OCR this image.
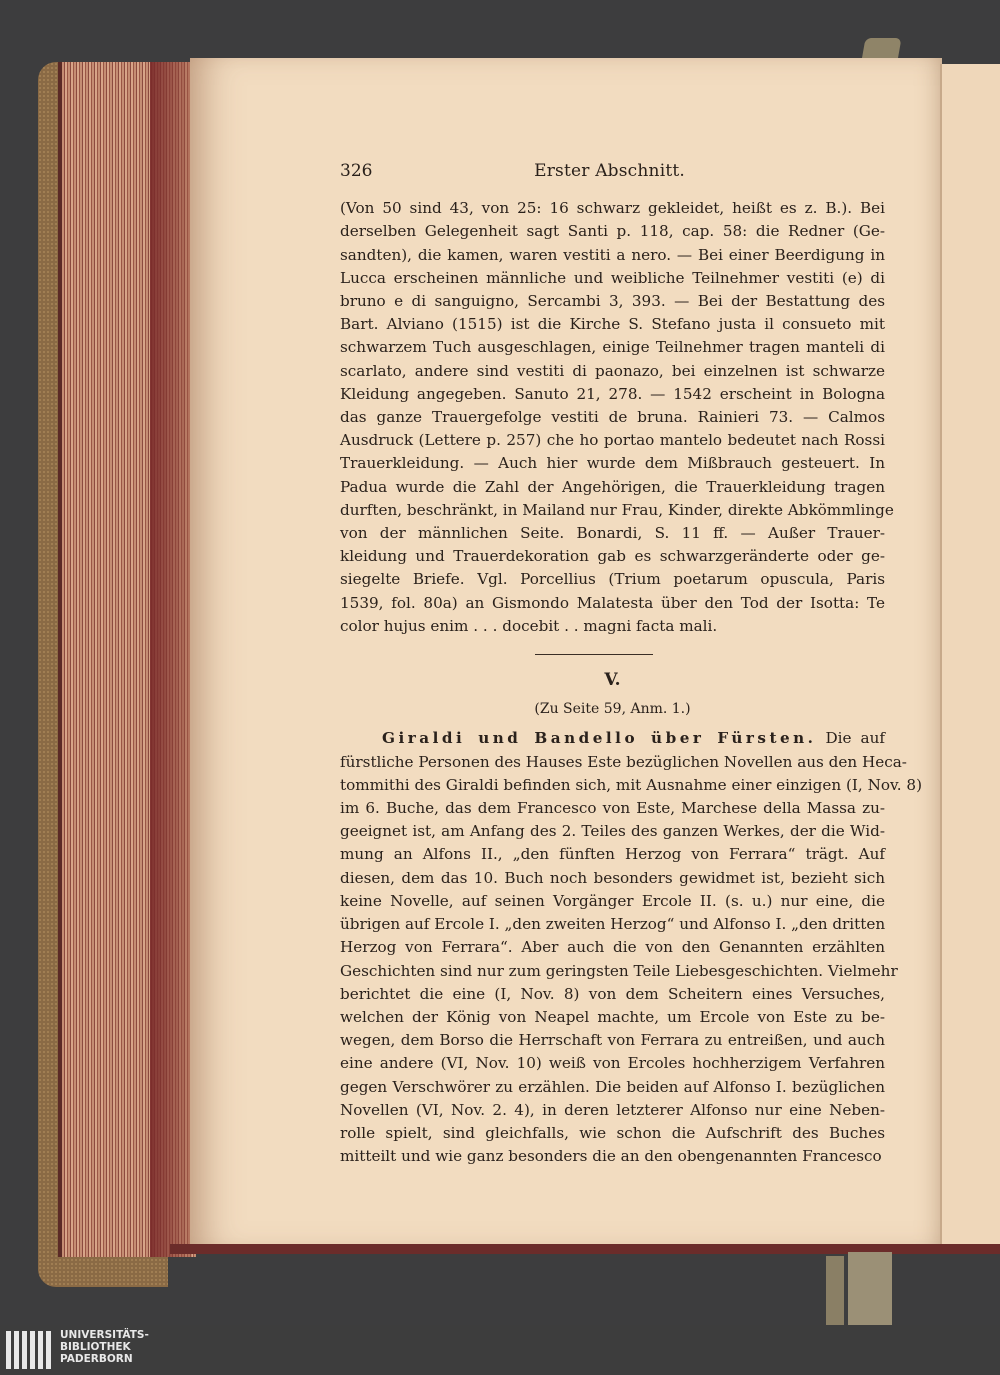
326	Erster Abschnitt.

(Von 50 sind 43, von 25: 16 schwarz gekleidet, heißt es z. B.). Bei
derselben Gelegenheit sagt Santi p. 118, cap. 58: die Redner (Ge-
sandten), die kamen, waren vestiti a nero. — Bei einer Beerdigung in
Lucca erscheinen männliche und weibliche Teilnehmer vestiti (e) di
bruno e di sanguigno, Sercambi 3, 393. — Bei der Bestattung des
Bart. Alviano (1515) ist die Kirche S. Stefano justa il consueto mit
schwarzem Tuch ausgeschlagen, einige Teilnehmer tragen manteli di
scarlato, andere sind vestiti di paonazo, bei einzelnen ist schwarze
Kleidung angegeben. Sanuto 21, 278. — 1542 erscheint in Bologna
das ganze Trauergefolge vestiti de bruna. Rainieri 73. — Calmos
Ausdruck (Lettere p. 257) che ho portao mantelo bedeutet nach Rossi
Trauerkleidung. — Auch hier wurde dem Mißbrauch gesteuert. In
Padua wurde die Zahl der Angehörigen, die Trauerkleidung tragen
durften, beschränkt, in Mailand nur Frau, Kinder, direkte Abkömmlinge
von der männlichen Seite. Bonardi, S. 11 ff. — Außer Trauer-
kleidung und Trauerdekoration gab es schwarzgeränderte oder ge-
siegelte Briefe. Vgl. Porcellius (Trium poetarum opuscula, Paris
1539, fol. 80a) an Gismondo Malatesta über den Tod der Isotta: Te
color hujus enim . . . docebit . . magni facta mali.

V.
(Zu Seite 59, Anm. 1.)

Giraldi und Bandello über Fürsten. Die auf
fürstliche Personen des Hauses Este bezüglichen Novellen aus den Heca-
tommithi des Giraldi befinden sich, mit Ausnahme einer einzigen (I, Nov. 8)
im 6. Buche, das dem Francesco von Este, Marchese della Massa zu-
geeignet ist, am Anfang des 2. Teiles des ganzen Werkes, der die Wid-
mung an Alfons II., „den fünften Herzog von Ferrara“ trägt. Auf
diesen, dem das 10. Buch noch besonders gewidmet ist, bezieht sich
keine Novelle, auf seinen Vorgänger Ercole II. (s. u.) nur eine, die
übrigen auf Ercole I. „den zweiten Herzog“ und Alfonso I. „den dritten
Herzog von Ferrara“. Aber auch die von den Genannten erzählten
Geschichten sind nur zum geringsten Teile Liebesgeschichten. Vielmehr
berichtet die eine (I, Nov. 8) von dem Scheitern eines Versuches,
welchen der König von Neapel machte, um Ercole von Este zu be-
wegen, dem Borso die Herrschaft von Ferrara zu entreißen, und auch
eine andere (VI, Nov. 10) weiß von Ercoles hochherzigem Verfahren
gegen Verschwörer zu erzählen. Die beiden auf Alfonso I. bezüglichen
Novellen (VI, Nov. 2. 4), in deren letzterer Alfonso nur eine Neben-
rolle spielt, sind gleichfalls, wie schon die Aufschrift des Buches
mitteilt und wie ganz besonders die an den obengenannten Francesco

UNIVERSITÄTS-
BIBLIOTHEK
PADERBORN
